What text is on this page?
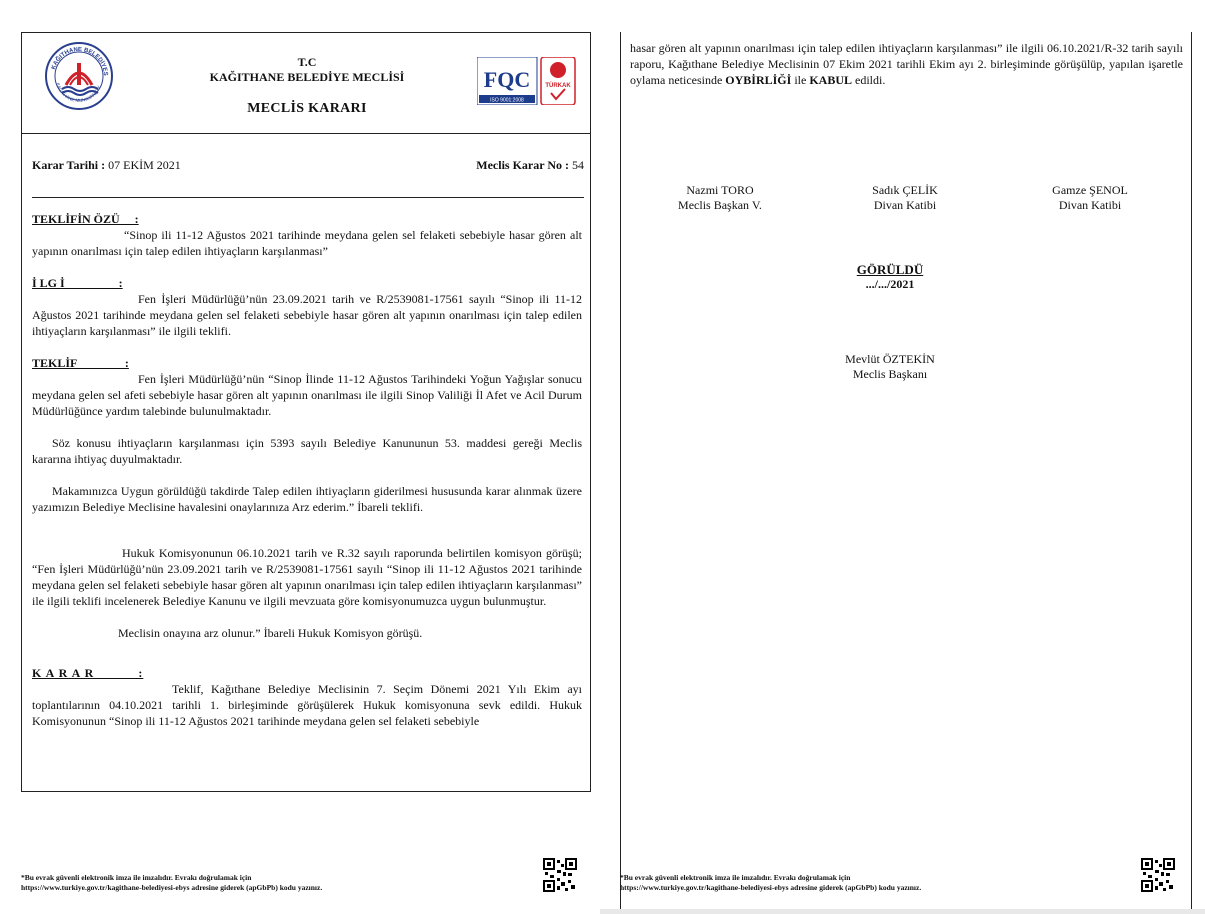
KAĞITHANE BELEDİYES
KAĞITHANE MUNICIPALITY
T.C
KAĞITHANE BELEDİYE MECLİSİ
MECLİS KARARI
FQC
ISO 9001:2008
TÜRKAK
Karar Tarihi : 07 EKİM 2021	Meclis Karar No : 54
TEKLİFİN ÖZÜ     :

“Sinop ili 11-12 Ağustos 2021 tarihinde meydana gelen sel felaketi sebebiyle hasar gören alt yapının onarılması için talep edilen ihtiyaçların karşılanması”

İ LG İ                  :

Fen İşleri Müdürlüğü’nün 23.09.2021 tarih ve R/2539081-17561 sayılı “Sinop ili 11-12 Ağustos 2021 tarihinde meydana gelen sel felaketi sebebiyle hasar gören alt yapının onarılması için talep edilen ihtiyaçların karşılanması” ile ilgili teklifi.

TEKLİF                :

Fen İşleri Müdürlüğü’nün “Sinop İlinde 11-12 Ağustos Tarihindeki Yoğun Yağışlar sonucu meydana gelen sel afeti sebebiyle hasar gören alt yapının onarılması ile ilgili Sinop Valiliği İl Afet ve Acil Durum Müdürlüğünce yardım talebinde bulunulmaktadır.

Söz konusu ihtiyaçların karşılanması için 5393 sayılı Belediye Kanununun 53. maddesi gereği Meclis kararına ihtiyaç duyulmaktadır.

Makamınızca Uygun görüldüğü takdirde Talep edilen ihtiyaçların giderilmesi hususunda karar alınmak üzere yazımızın Belediye Meclisine havalesini onaylarınıza Arz ederim.” İbareli teklifi.

Hukuk Komisyonunun 06.10.2021 tarih ve R.32 sayılı raporunda belirtilen komisyon görüşü; “Fen İşleri Müdürlüğü’nün 23.09.2021 tarih ve R/2539081-17561 sayılı “Sinop ili 11-12 Ağustos 2021 tarihinde meydana gelen sel felaketi sebebiyle hasar gören alt yapının onarılması için talep edilen ihtiyaçların karşılanması” ile ilgili teklifi incelenerek Belediye Kanunu ve ilgili mevzuata göre komisyonumuzca uygun bulunmuştur.

Meclisin onayına arz olunur.” İbareli Hukuk Komisyon görüşü.

K A R A R           :

Teklif, Kağıthane Belediye Meclisinin 7. Seçim Dönemi 2021 Yılı Ekim ayı toplantılarının 04.10.2021 tarihli 1. birleşiminde görüşülerek Hukuk komisyonuna sevk edildi. Hukuk Komisyonunun “Sinop ili 11-12 Ağustos 2021 tarihinde meydana gelen sel felaketi sebebiyle

*Bu evrak güvenli elektronik imza ile imzalıdır. Evrakı doğrulamak için
https://www.turkiye.gov.tr/kagithane-belediyesi-ebys adresine giderek (apGbPb) kodu yazınız.
hasar gören alt yapının onarılması için talep edilen ihtiyaçların karşılanması” ile ilgili 06.10.2021/R-32 tarih sayılı raporu, Kağıthane Belediye Meclisinin 07 Ekim 2021 tarihli Ekim ayı 2. birleşiminde görüşülüp, yapılan işaretle oylama neticesinde OYBİRLİĞİ ile KABUL edildi.
Nazmi TORO
Meclis Başkan V.
Sadık ÇELİK
Divan Katibi
Gamze ŞENOL
Divan Katibi
GÖRÜLDÜ
.../.../2021
Mevlüt ÖZTEKİN
Meclis Başkanı
*Bu evrak güvenli elektronik imza ile imzalıdır. Evrakı doğrulamak için
https://www.turkiye.gov.tr/kagithane-belediyesi-ebys adresine giderek (apGbPb) kodu yazınız.
